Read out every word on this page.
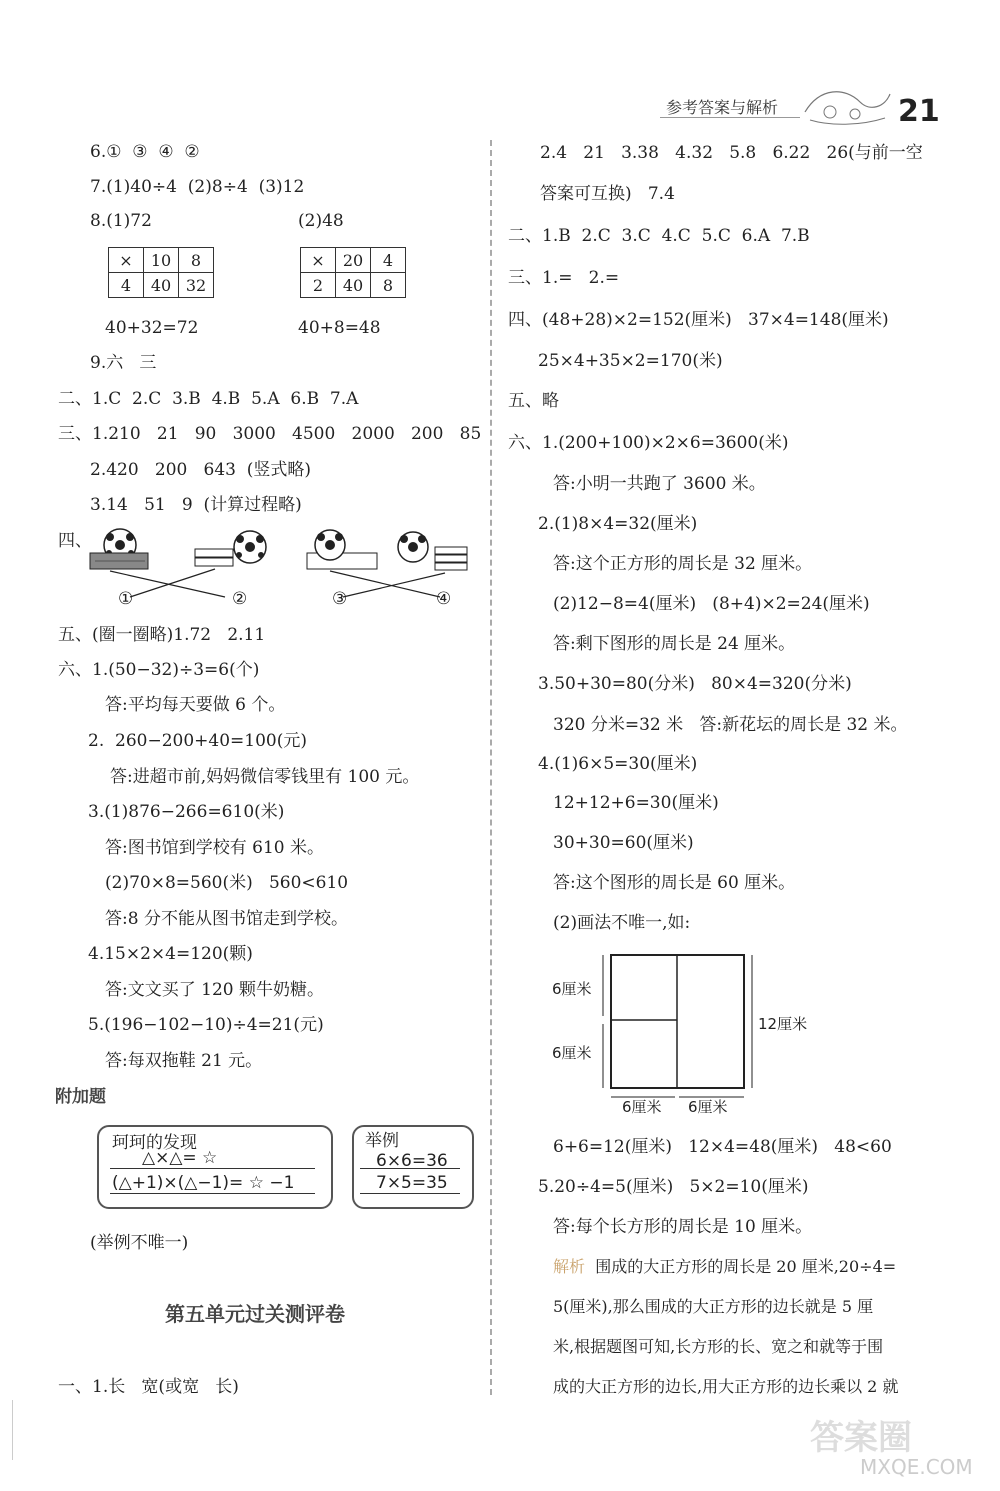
参考答案与解析	21
6.①  ③  ④  ②
7.(1)40÷4  (2)8÷4  (3)12
8.(1)72	(2)48
×	10	8
4	40	32
×	20	4
2	40	8
40+32=72	40+8=48
9.六   三
二、1.C  2.C  3.B  4.B  5.A  6.B  7.A
三、1.210   21   90   3000   4500   2000   200   85
2.420   200   643  (竖式略)
3.14   51   9  (计算过程略)
四、
①	②	③	④
五、(圈一圈略)1.72   2.11
六、1.(50−32)÷3=6(个)
答:平均每天要做 6 个。
2.  260−200+40=100(元)
答:进超市前,妈妈微信零钱里有 100 元。
3.(1)876−266=610(米)
答:图书馆到学校有 610 米。
(2)70×8=560(米)   560<610
答:8 分不能从图书馆走到学校。
4.15×2×4=120(颗)
答:文文买了 120 颗牛奶糖。
5.(196−102−10)÷4=21(元)
答:每双拖鞋 21 元。
附加题
珂珂的发现
△×△= ☆
(△+1)×(△−1)= ☆ −1
举例
6×6=36
7×5=35
(举例不唯一)
第五单元过关测评卷
一、1.长   宽(或宽   长)
2.4   21   3.38   4.32   5.8   6.22   26(与前一空
答案可互换)   7.4
二、1.B  2.C  3.C  4.C  5.C  6.A  7.B
三、1.=   2.=
四、(48+28)×2=152(厘米)   37×4=148(厘米)
25×4+35×2=170(米)
五、略
六、1.(200+100)×2×6=3600(米)
答:小明一共跑了 3600 米。
2.(1)8×4=32(厘米)
答:这个正方形的周长是 32 厘米。
(2)12−8=4(厘米)   (8+4)×2=24(厘米)
答:剩下图形的周长是 24 厘米。
3.50+30=80(分米)   80×4=320(分米)
320 分米=32 米   答:新花坛的周长是 32 米。
4.(1)6×5=30(厘米)
12+12+6=30(厘米)
30+30=60(厘米)
答:这个图形的周长是 60 厘米。
(2)画法不唯一,如:
6厘米
6厘米
12厘米
6厘米 6厘米
6+6=12(厘米)   12×4=48(厘米)   48<60
5.20÷4=5(厘米)   5×2=10(厘米)
答:每个长方形的周长是 10 厘米。
解析  围成的大正方形的周长是 20 厘米,20÷4=
5(厘米),那么围成的大正方形的边长就是 5 厘
米,根据题图可知,长方形的长、宽之和就等于围
成的大正方形的边长,用大正方形的边长乘以 2 就
答案圈
MXQE.COM
